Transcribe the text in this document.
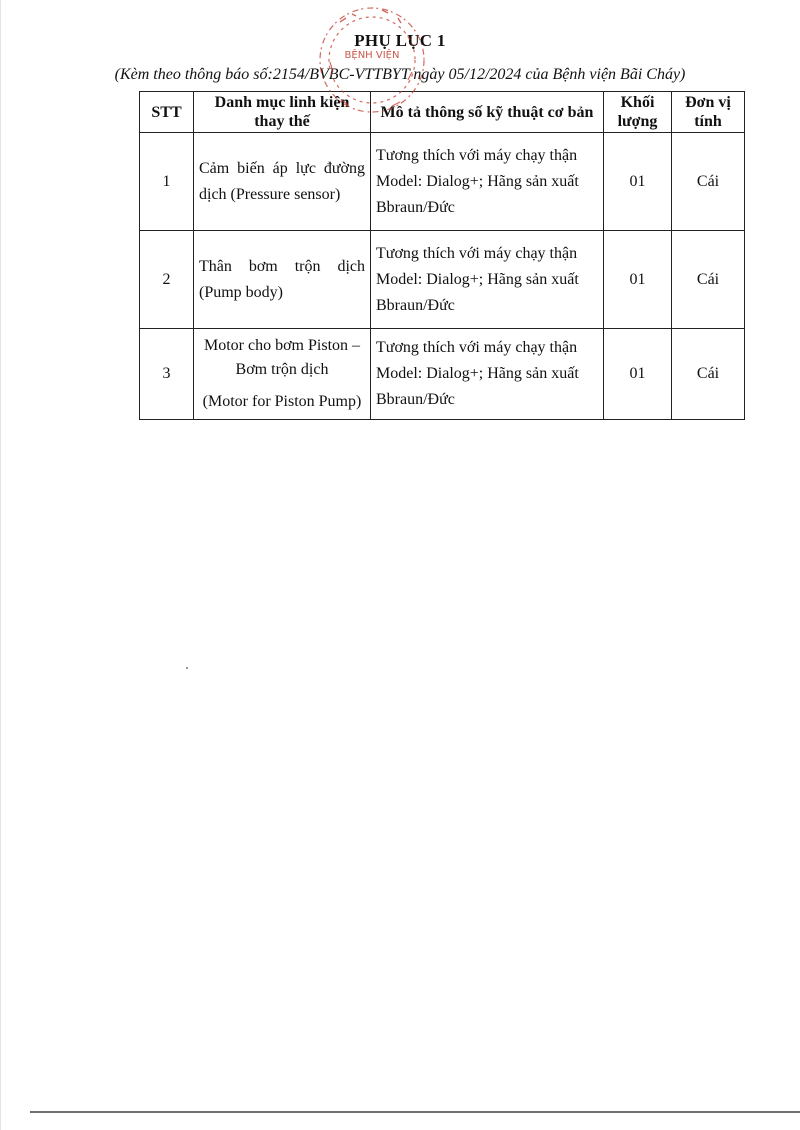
PHỤ LỤC 1
(Kèm theo thông báo số:2154/BVBC-VTTBYT ngày 05/12/2024 của Bệnh viện Bãi Cháy)
STT	Danh mục linh kiện thay thế	Mô tả thông số kỹ thuật cơ bản	Khối lượng	Đơn vị tính
1	Cảm biến áp lực đường dịch (Pressure sensor)	Tương thích với máy chạy thận Model: Dialog+; Hãng sản xuất Bbraun/Đức	01	Cái
2	Thân bơm trộn dịch (Pump body)	Tương thích với máy chạy thận Model: Dialog+; Hãng sản xuất Bbraun/Đức	01	Cái
3	Motor cho bơm Piston –
Bơm trộn dịch
(Motor for Piston Pump)	Tương thích với máy chạy thận Model: Dialog+; Hãng sản xuất Bbraun/Đức	01	Cái
BỆNH VIỆN
